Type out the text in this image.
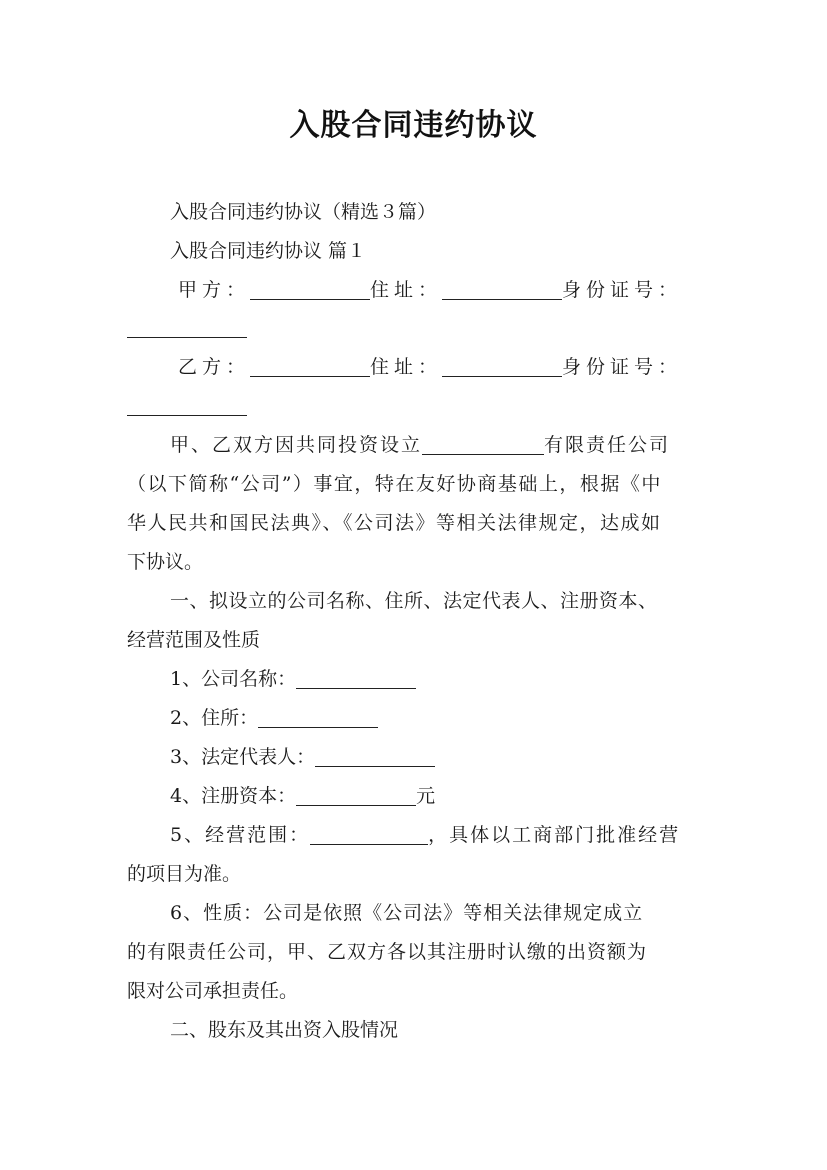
入股合同违约协议
入股合同违约协议（精选３篇）
入股合同违约协议 篇１
甲方：	住址：	身份证号：
乙方：	住址：	身份证号：
甲、乙双方因共同投资设立	有限责任公司
（以下简称“公司”）事宜，特在友好协商基础上，根据《中
华人民共和国民法典》、《公司法》等相关法律规定，达成如
下协议。
一、拟设立的公司名称、住所、法定代表人、注册资本、
经营范围及性质
1、公司名称：
2、住所：
3、法定代表人：
4、注册资本：	元
5、经营范围：	，具体以工商部门批准经营
的项目为准。
6、性质：公司是依照《公司法》等相关法律规定成立
的有限责任公司，甲、乙双方各以其注册时认缴的出资额为
限对公司承担责任。
二、股东及其出资入股情况
